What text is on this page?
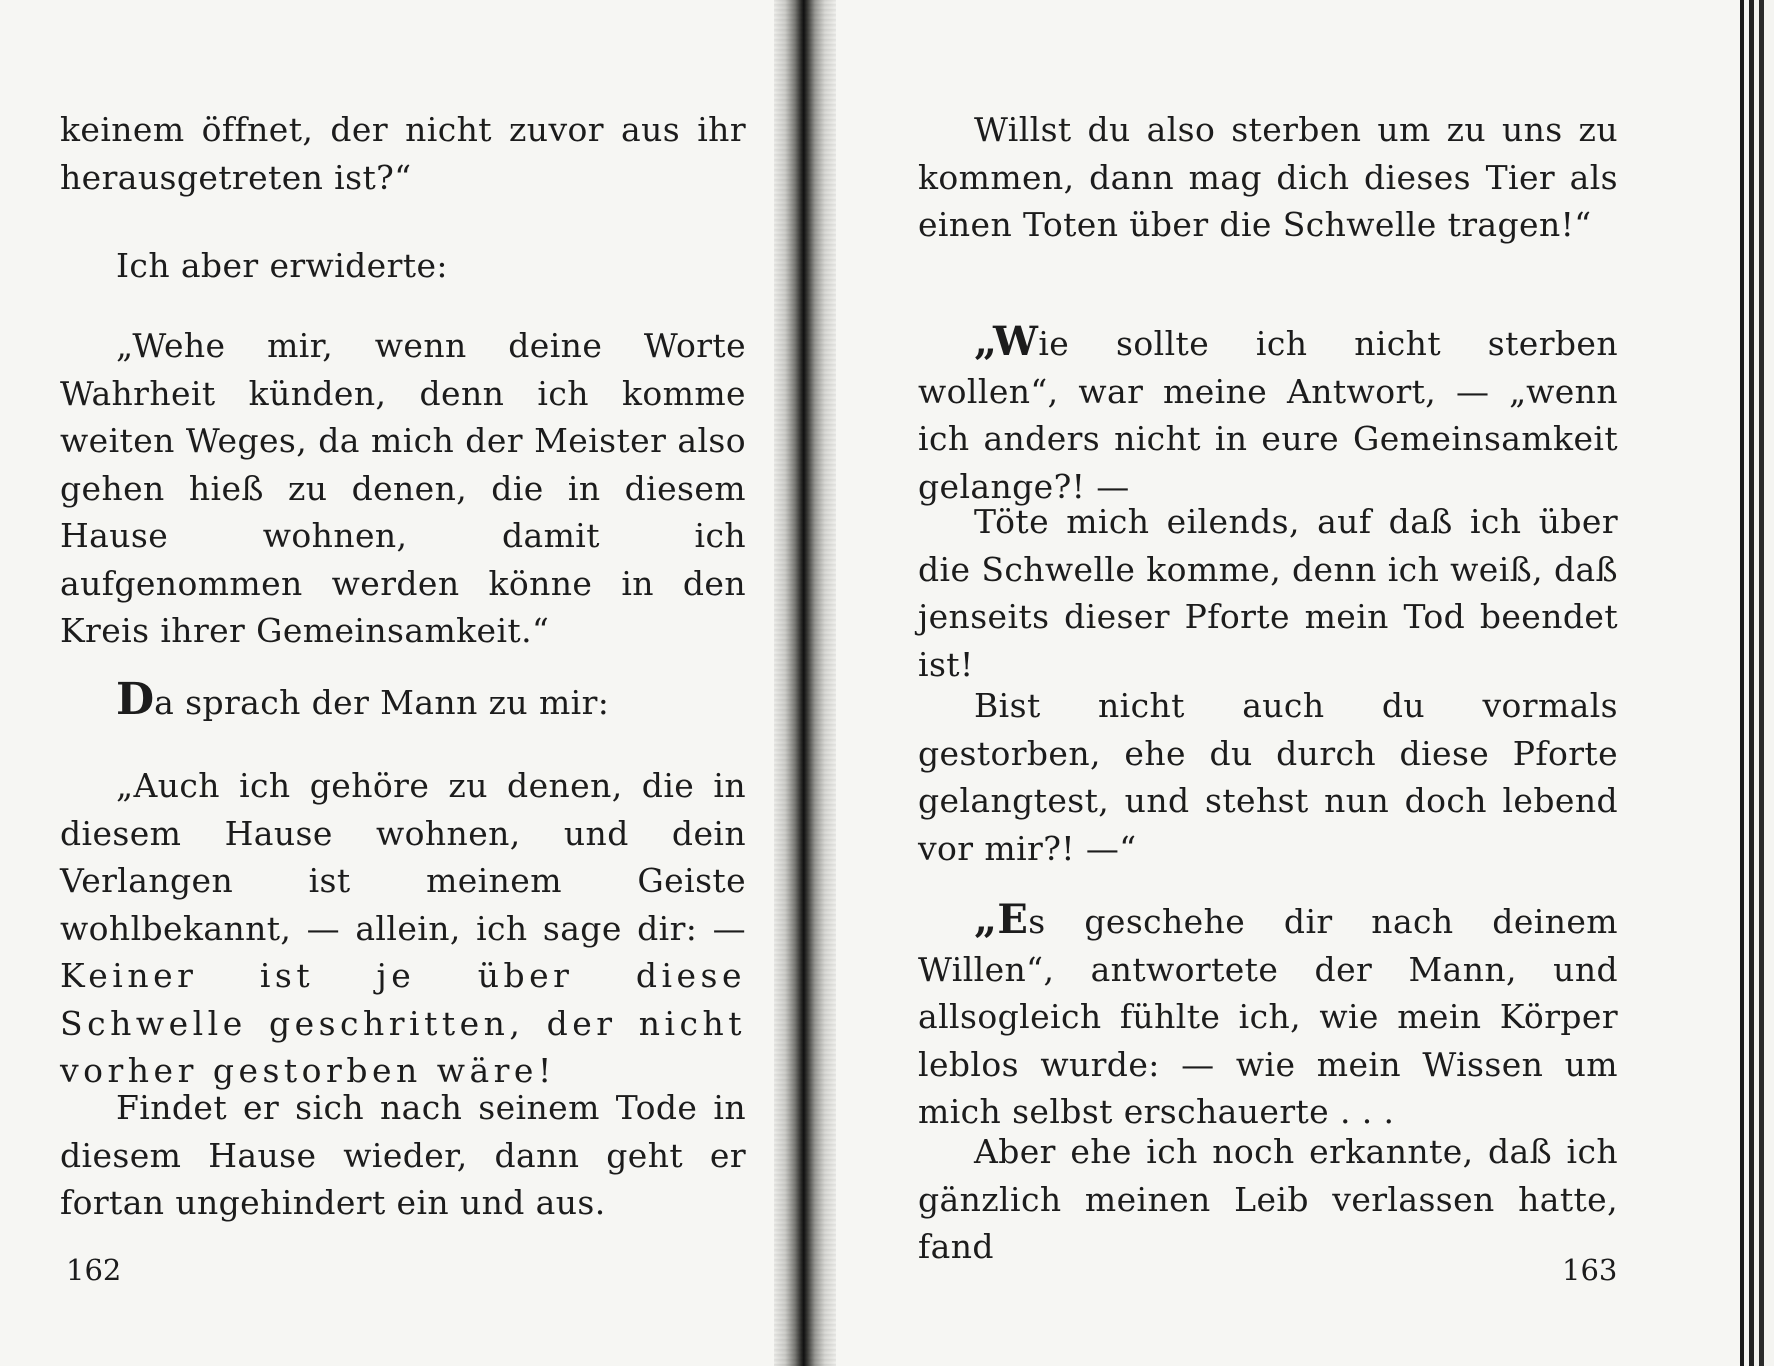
keinem öffnet, der nicht zuvor aus ihr herausgetreten ist?“

Ich aber erwiderte:

„Wehe mir, wenn deine Worte Wahrheit künden, denn ich komme weiten Weges, da mich der Meister also gehen hieß zu denen, die in diesem Hause wohnen, damit ich aufgenommen werden könne in den Kreis ihrer Gemeinsamkeit.“

Da sprach der Mann zu mir:

„Auch ich gehöre zu denen, die in diesem Hause wohnen, und dein Verlangen ist meinem Geiste wohlbekannt, — allein, ich sage dir: — Keiner ist je über diese Schwelle geschritten, der nicht vorher gestorben wäre!

Findet er sich nach seinem Tode in diesem Hause wieder, dann geht er fortan ungehindert ein und aus.

162

Willst du also sterben um zu uns zu kommen, dann mag dich dieses Tier als einen Toten über die Schwelle tragen!“

„Wie sollte ich nicht sterben wollen“, war meine Antwort, — „wenn ich anders nicht in eure Gemeinsamkeit gelange?! —

Töte mich eilends, auf daß ich über die Schwelle komme, denn ich weiß, daß jenseits dieser Pforte mein Tod beendet ist!

Bist nicht auch du vormals gestorben, ehe du durch diese Pforte gelangtest, und stehst nun doch lebend vor mir?! —“

„Es geschehe dir nach deinem Willen“, antwortete der Mann, und allsogleich fühlte ich, wie mein Körper leblos wurde: — wie mein Wissen um mich selbst erschauerte . . .

Aber ehe ich noch erkannte, daß ich gänzlich meinen Leib verlassen hatte, fand

163
